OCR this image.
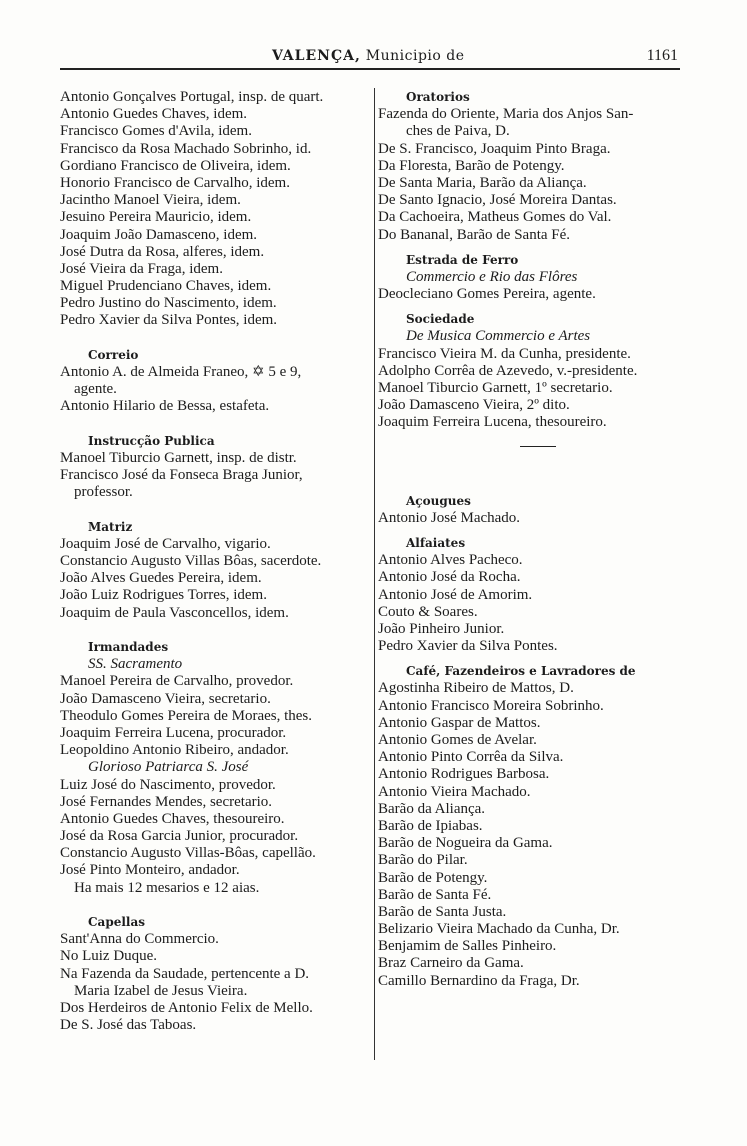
VALENÇA, Municipio de	1161
Antonio Gonçalves Portugal, insp. de quart.
Antonio Guedes Chaves, idem.
Francisco Gomes d'Avila, idem.
Francisco da Rosa Machado Sobrinho, id.
Gordiano Francisco de Oliveira, idem.
Honorio Francisco de Carvalho, idem.
Jacintho Manoel Vieira, idem.
Jesuino Pereira Mauricio, idem.
Joaquim João Damasceno, idem.
José Dutra da Rosa, alferes, idem.
José Vieira da Fraga, idem.
Miguel Prudenciano Chaves, idem.
Pedro Justino do Nascimento, idem.
Pedro Xavier da Silva Pontes, idem.
Correio
Antonio A. de Almeida Franeo, ✡ 5 e 9,
agente.
Antonio Hilario de Bessa, estafeta.
Instrucção Publica
Manoel Tiburcio Garnett, insp. de distr.
Francisco José da Fonseca Braga Junior,
professor.
Matriz
Joaquim José de Carvalho, vigario.
Constancio Augusto Villas Bôas, sacerdote.
João Alves Guedes Pereira, idem.
João Luiz Rodrigues Torres, idem.
Joaquim de Paula Vasconcellos, idem.
Irmandades
SS. Sacramento
Manoel Pereira de Carvalho, provedor.
João Damasceno Vieira, secretario.
Theodulo Gomes Pereira de Moraes, thes.
Joaquim Ferreira Lucena, procurador.
Leopoldino Antonio Ribeiro, andador.
Glorioso Patriarca S. José
Luiz José do Nascimento, provedor.
José Fernandes Mendes, secretario.
Antonio Guedes Chaves, thesoureiro.
José da Rosa Garcia Junior, procurador.
Constancio Augusto Villas-Bôas, capellão.
José Pinto Monteiro, andador.
Ha mais 12 mesarios e 12 aias.
Capellas
Sant'Anna do Commercio.
No Luiz Duque.
Na Fazenda da Saudade, pertencente a D.
Maria Izabel de Jesus Vieira.
Dos Herdeiros de Antonio Felix de Mello.
De S. José das Taboas.
Oratorios
Fazenda do Oriente, Maria dos Anjos San-
ches de Paiva, D.
De S. Francisco, Joaquim Pinto Braga.
Da Floresta, Barão de Potengy.
De Santa Maria, Barão da Aliança.
De Santo Ignacio, José Moreira Dantas.
Da Cachoeira, Matheus Gomes do Val.
Do Bananal, Barão de Santa Fé.
Estrada de Ferro
Commercio e Rio das Flôres
Deocleciano Gomes Pereira, agente.
Sociedade
De Musica Commercio e Artes
Francisco Vieira M. da Cunha, presidente.
Adolpho Corrêa de Azevedo, v.-presidente.
Manoel Tiburcio Garnett, 1º secretario.
João Damasceno Vieira, 2º dito.
Joaquim Ferreira Lucena, thesoureiro.
Açougues
Antonio José Machado.
Alfaiates
Antonio Alves Pacheco.
Antonio José da Rocha.
Antonio José de Amorim.
Couto & Soares.
João Pinheiro Junior.
Pedro Xavier da Silva Pontes.
Café, Fazendeiros e Lavradores de
Agostinha Ribeiro de Mattos, D.
Antonio Francisco Moreira Sobrinho.
Antonio Gaspar de Mattos.
Antonio Gomes de Avelar.
Antonio Pinto Corrêa da Silva.
Antonio Rodrigues Barbosa.
Antonio Vieira Machado.
Barão da Aliança.
Barão de Ipiabas.
Barão de Nogueira da Gama.
Barão do Pilar.
Barão de Potengy.
Barão de Santa Fé.
Barão de Santa Justa.
Belizario Vieira Machado da Cunha, Dr.
Benjamim de Salles Pinheiro.
Braz Carneiro da Gama.
Camillo Bernardino da Fraga, Dr.
